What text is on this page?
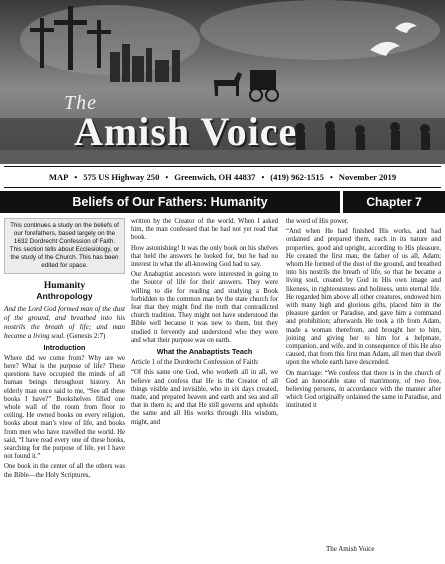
The
Amish Voice
MAP • 575 US Highway 250 • Greenwich, OH 44837 • (419) 962-1515 • November 2019
Beliefs of Our Fathers: Humanity	Chapter 7
This continues a study on the beliefs of our forefathers, based largely on the 1632 Dordrecht Confession of Faith. This section tells about Ecclesiology, or the study of the Church. This has been edited for space.
Humanity
Anthropology

And the Lord God formed man of the dust of the ground, and breathed into his nostrils the breath of life; and man became a living soul. (Genesis 2:7)

Introduction

Where did we come from? Why are we here? What is the purpose of life? These questions have occupied the minds of all human beings throughout history. An elderly man once said to me, “See all these books I have?” Bookshelves filled one whole wall of the room from floor to ceiling. He owned books on every religion, books about man’s view of life, and books from men who have travelled the world. He said, “I have read every one of these books, searching for the purpose of life, yet I have not found it.”

One book in the center of all the others was the Bible—the Holy Scriptures,

written by the Creator of the world. When I asked him, the man confessed that he had not yet read that book.

How astonishing! It was the only book on his shelves that held the answers he looked for, but he had no interest in what the all-knowing God had to say.

Our Anabaptist ancestors were interested in going to the Source of life for their answers. They were willing to die for reading and studying a Book forbidden to the common man by the state church for fear that they might find the truth that contradicted church tradition. They might not have understood the Bible well because it was new to them, but they studied it fervently and understood who they were and what their purpose was on earth.

What the Anabaptists Teach

Article 1 of the Dordrecht Confession of Faith:

“Of this same one God, who worketh all in all, we believe and confess that He is the Creator of all things visible and invisible, who in six days created, made, and prepared heaven and earth and sea and all that in them is; and that He still governs and upholds the same and all His works through His wisdom, might, and

the word of His power.

“And when He had finished His works, and had ordained and prepared them, each in its nature and properties, good and upright, according to His pleasure, He created the first man, the father of us all, Adam; whom He formed of the dust of the ground, and breathed into his nostrils the breath of life, so that he became a living soul, created by God in His own image and likeness, in righteousness and holiness, unto eternal life. He regarded him above all other creatures, endowed him with many high and glorious gifts, placed him in the pleasure garden or Paradise, and gave him a command and prohibition; afterwards He took a rib from Adam, made a woman therefrom, and brought her to him, joining and giving her to him for a helpmate, companion, and wife, and in consequence of this He also caused, that from this first man Adam, all men that dwell upon the whole earth have descended.

On marriage: “We confess that there is in the church of God an honorable state of matrimony, of two free, believing persons, in accordance with the manner after which God originally ordained the same in Paradise, and instituted it

The Amish Voice
